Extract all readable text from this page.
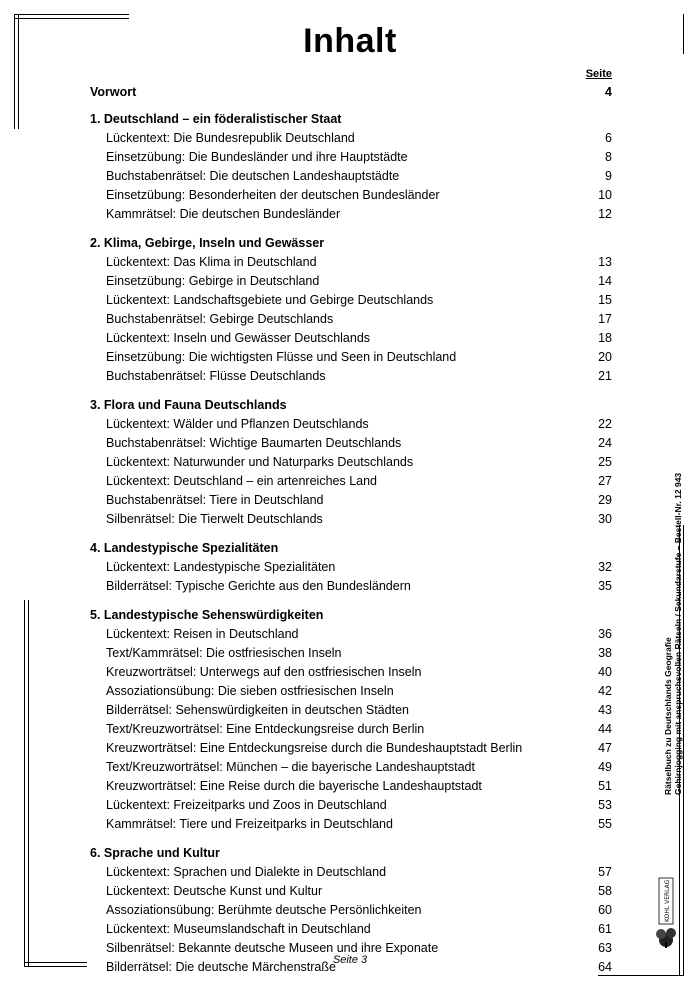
Inhalt
Seite
Vorwort	4
1. Deutschland – ein föderalistischer Staat
Lückentext: Die Bundesrepublik Deutschland	6
Einsetzübung: Die Bundesländer und ihre Hauptstädte	8
Buchstabenrätsel: Die deutschen Landeshauptstädte	9
Einsetzübung: Besonderheiten der deutschen Bundesländer	10
Kammrätsel: Die deutschen Bundesländer	12
2. Klima, Gebirge, Inseln und Gewässer
Lückentext: Das Klima in Deutschland	13
Einsetzübung: Gebirge in Deutschland	14
Lückentext: Landschaftsgebiete und Gebirge Deutschlands	15
Buchstabenrätsel: Gebirge Deutschlands	17
Lückentext: Inseln und Gewässer Deutschlands	18
Einsetzübung: Die wichtigsten Flüsse und Seen in Deutschland	20
Buchstabenrätsel: Flüsse Deutschlands	21
3. Flora und Fauna Deutschlands
Lückentext: Wälder und Pflanzen Deutschlands	22
Buchstabenrätsel: Wichtige Baumarten Deutschlands	24
Lückentext: Naturwunder und Naturparks Deutschlands	25
Lückentext: Deutschland – ein artenreiches Land	27
Buchstabenrätsel: Tiere in Deutschland	29
Silbenrätsel: Die Tierwelt Deutschlands	30
4. Landestypische Spezialitäten
Lückentext: Landestypische Spezialitäten	32
Bilderrätsel: Typische Gerichte aus den Bundesländern	35
5. Landestypische Sehenswürdigkeiten
Lückentext: Reisen in Deutschland	36
Text/Kammrätsel: Die ostfriesischen Inseln	38
Kreuzworträtsel: Unterwegs auf den ostfriesischen Inseln	40
Assoziationsübung: Die sieben ostfriesischen Inseln	42
Bilderrätsel: Sehenswürdigkeiten in deutschen Städten	43
Text/Kreuzworträtsel: Eine Entdeckungsreise durch Berlin	44
Kreuzworträtsel: Eine Entdeckungsreise durch die Bundeshauptstadt Berlin	47
Text/Kreuzworträtsel: München – die bayerische Landeshauptstadt	49
Kreuzworträtsel: Eine Reise durch die bayerische Landeshauptstadt	51
Lückentext: Freizeitparks und Zoos in Deutschland	53
Kammrätsel: Tiere und Freizeitparks in Deutschland	55
6. Sprache und Kultur
Lückentext: Sprachen und Dialekte in Deutschland	57
Lückentext: Deutsche Kunst und Kultur	58
Assoziationsübung: Berühmte deutsche Persönlichkeiten	60
Lückentext: Museumslandschaft in Deutschland	61
Silbenrätsel: Bekannte deutsche Museen und ihre Exponate	63
Bilderrätsel: Die deutsche Märchenstraße	64
Seite 3
Rätselbuch zu Deutschlands Geografie Gehirnjogging mit anspruchsvollen Rätseln / Sekundarstufe – Bestell-Nr. 12 943
KOHL VERLAG
